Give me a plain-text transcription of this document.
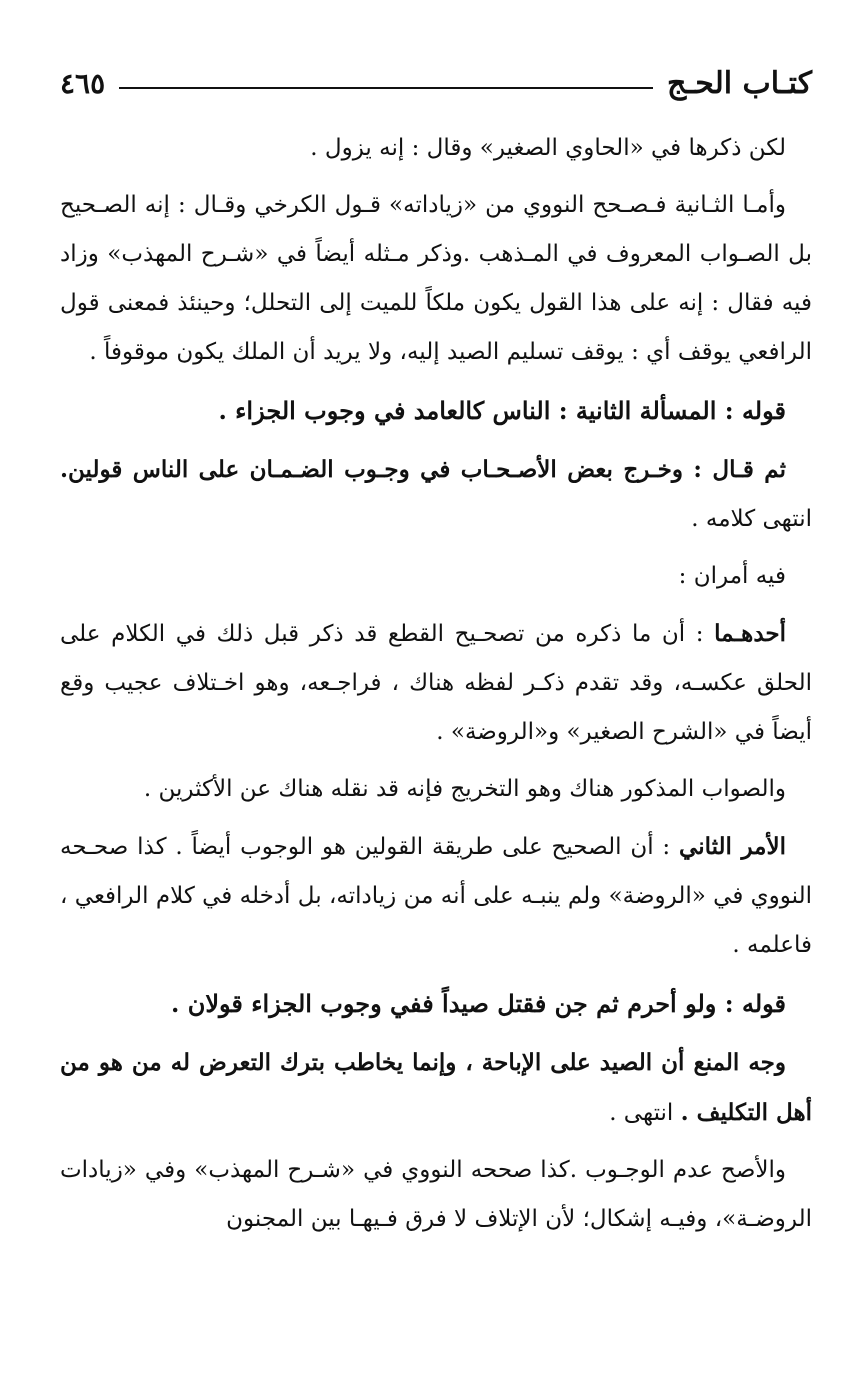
كتـاب الحـج
٤٦٥

لكن ذكرها في «الحاوي الصغير» وقال : إنه يزول .

وأمـا الثـانية فـصـحح النووي من «زياداته» قـول الكرخي وقـال : إنه الصـحيح بل الصـواب المعروف في المـذهب .وذكر مـثله أيضاً في «شـرح المهذب» وزاد فيه فقال : إنه على هذا القول يكون ملكاً للميت إلى التحلل؛ وحينئذ فمعنى قول الرافعي يوقف أي : يوقف تسليم الصيد إليه، ولا يريد أن الملك يكون موقوفاً .

قوله : المسألة الثانية : الناس كالعامد في وجوب الجزاء .

ثم قـال : وخـرج بعض الأصـحـاب في وجـوب الضـمـان على الناس قولين. انتهى كلامه .

فيه أمران :

أحدهـما : أن ما ذكره من تصحـيح القطع قد ذكر قبل ذلك في الكلام على الحلق عكسـه، وقد تقدم ذكـر لفظه هناك ، فراجـعه، وهو اخـتلاف عجيب وقع أيضاً في «الشرح الصغير» و«الروضة» .

والصواب المذكور هناك وهو التخريج فإنه قد نقله هناك عن الأكثرين .

الأمر الثاني : أن الصحيح على طريقة القولين هو الوجوب أيضاً . كذا صحـحه النووي في «الروضة» ولم ينبـه على أنه من زياداته، بل أدخله في كلام الرافعي ، فاعلمه .

قوله : ولو أحرم ثم جن فقتل صيداً ففي وجوب الجزاء قولان .

وجه المنع أن الصيد على الإباحة ، وإنما يخاطب بترك التعرض له من هو من أهل التكليف . انتهى .

والأصح عدم الوجـوب .كذا صححه النووي في «شـرح المهذب» وفي «زيادات الروضـة»، وفيـه إشكال؛ لأن الإتلاف لا فرق فـيهـا بين المجنون
